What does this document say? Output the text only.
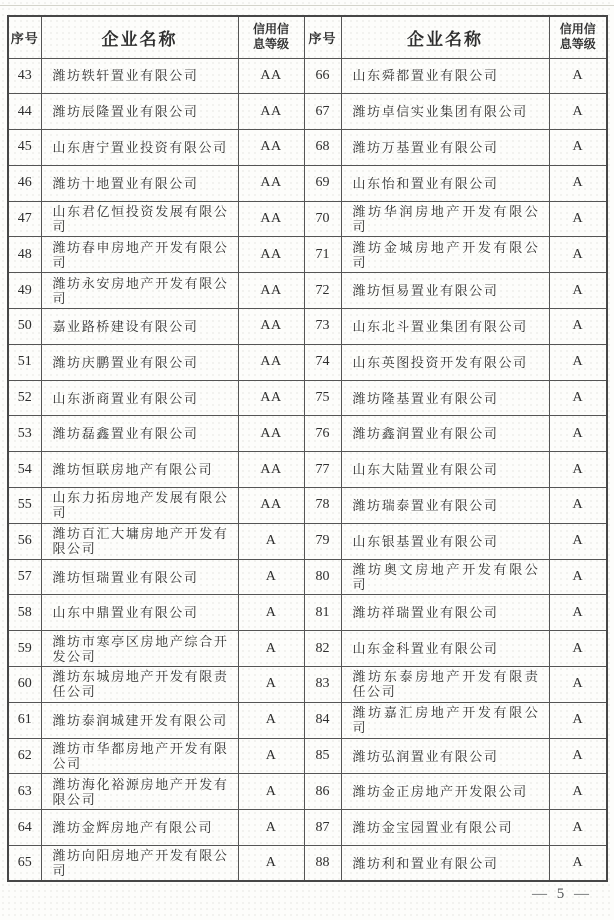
序号	企业名称	信用信息等级	序号	企业名称	信用信息等级
43	潍坊轶轩置业有限公司	AA	66	山东舜都置业有限公司	A
44	潍坊辰隆置业有限公司	AA	67	潍坊卓信实业集团有限公司	A
45	山东唐宁置业投资有限公司	AA	68	潍坊万基置业有限公司	A
46	潍坊十地置业有限公司	AA	69	山东怡和置业有限公司	A
47	山东君亿恒投资发展有限公司	AA	70	潍坊华润房地产开发有限公司	A
48	潍坊春申房地产开发有限公司	AA	71	潍坊金城房地产开发有限公司	A
49	潍坊永安房地产开发有限公司	AA	72	潍坊恒易置业有限公司	A
50	嘉业路桥建设有限公司	AA	73	山东北斗置业集团有限公司	A
51	潍坊庆鹏置业有限公司	AA	74	山东英图投资开发有限公司	A
52	山东浙商置业有限公司	AA	75	潍坊隆基置业有限公司	A
53	潍坊磊鑫置业有限公司	AA	76	潍坊鑫润置业有限公司	A
54	潍坊恒联房地产有限公司	AA	77	山东大陆置业有限公司	A
55	山东力拓房地产发展有限公司	AA	78	潍坊瑞泰置业有限公司	A
56	潍坊百汇大墉房地产开发有限公司	A	79	山东银基置业有限公司	A
57	潍坊恒瑞置业有限公司	A	80	潍坊奥文房地产开发有限公司	A
58	山东中鼎置业有限公司	A	81	潍坊祥瑞置业有限公司	A
59	潍坊市寒亭区房地产综合开发公司	A	82	山东金科置业有限公司	A
60	潍坊东城房地产开发有限责任公司	A	83	潍坊东泰房地产开发有限责任公司	A
61	潍坊泰润城建开发有限公司	A	84	潍坊嘉汇房地产开发有限公司	A
62	潍坊市华都房地产开发有限公司	A	85	潍坊弘润置业有限公司	A
63	潍坊海化裕源房地产开发有限公司	A	86	潍坊金正房地产开发限公司	A
64	潍坊金辉房地产有限公司	A	87	潍坊金宝园置业有限公司	A
65	潍坊向阳房地产开发有限公司	A	88	潍坊利和置业有限公司	A
— 5 —
